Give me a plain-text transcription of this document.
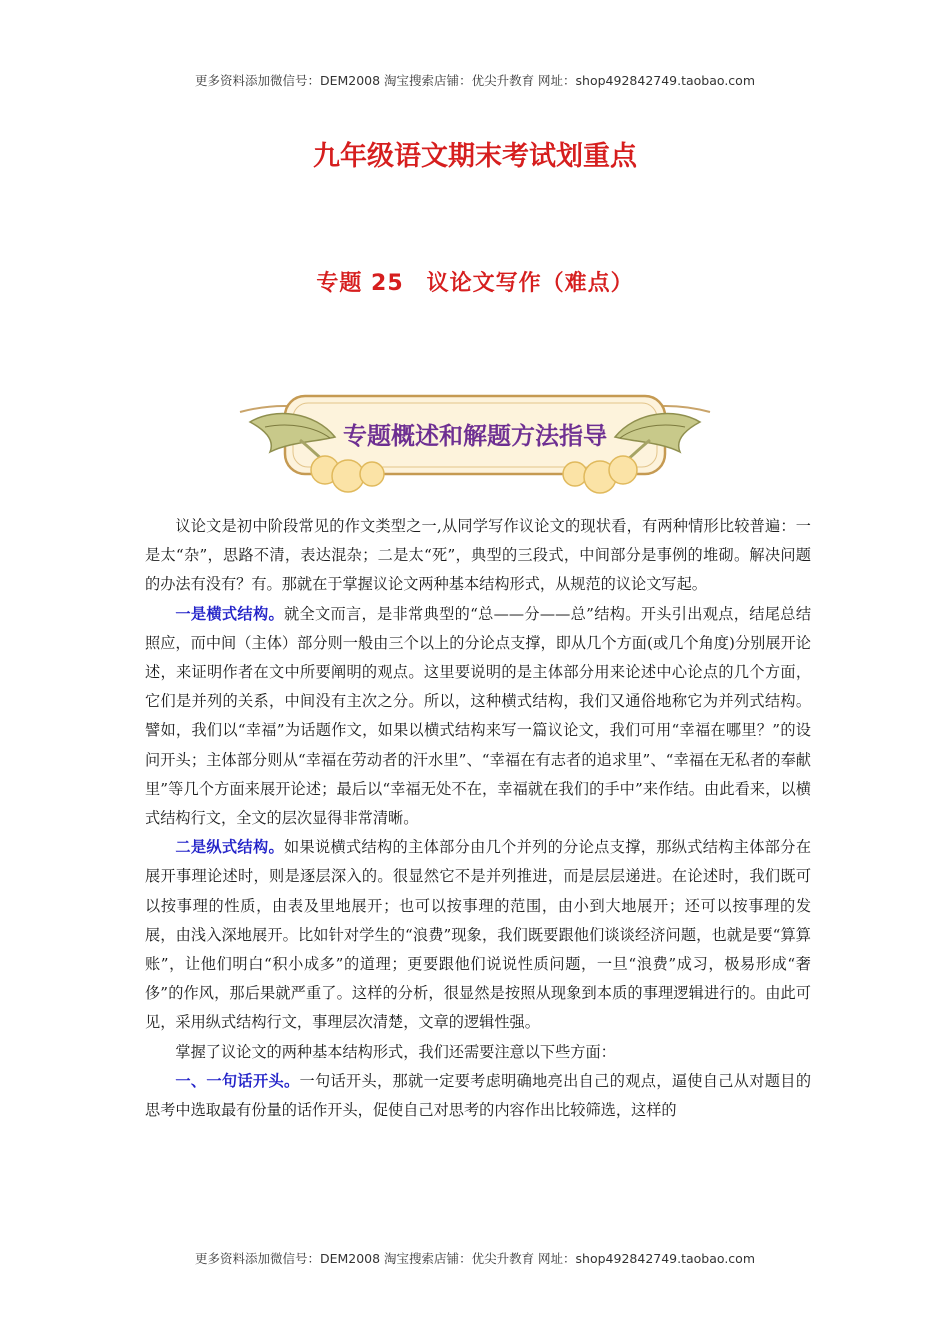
更多资料添加微信号：DEM2008 淘宝搜索店铺：优尖升教育 网址：shop492842749.taobao.com
九年级语文期末考试划重点
专题 25　议论文写作（难点）
专题概述和解题方法指导

议论文是初中阶段常见的作文类型之一,从同学写作议论文的现状看，有两种情形比较普遍：一是太“杂”，思路不清，表达混杂；二是太“死”，典型的三段式，中间部分是事例的堆砌。解决问题的办法有没有？有。那就在于掌握议论文两种基本结构形式，从规范的议论文写起。

一是横式结构。就全文而言，是非常典型的“总——分——总”结构。开头引出观点，结尾总结照应，而中间（主体）部分则一般由三个以上的分论点支撑，即从几个方面(或几个角度)分别展开论述，来证明作者在文中所要阐明的观点。这里要说明的是主体部分用来论述中心论点的几个方面，它们是并列的关系，中间没有主次之分。所以，这种横式结构，我们又通俗地称它为并列式结构。譬如，我们以“幸福”为话题作文，如果以横式结构来写一篇议论文，我们可用“幸福在哪里？”的设问开头；主体部分则从“幸福在劳动者的汗水里”、“幸福在有志者的追求里”、“幸福在无私者的奉献里”等几个方面来展开论述；最后以“幸福无处不在，幸福就在我们的手中”来作结。由此看来，以横式结构行文，全文的层次显得非常清晰。

二是纵式结构。如果说横式结构的主体部分由几个并列的分论点支撑，那纵式结构主体部分在展开事理论述时，则是逐层深入的。很显然它不是并列推进，而是层层递进。在论述时，我们既可以按事理的性质，由表及里地展开；也可以按事理的范围，由小到大地展开；还可以按事理的发展，由浅入深地展开。比如针对学生的“浪费”现象，我们既要跟他们谈谈经济问题，也就是要“算算账”，让他们明白“积小成多”的道理；更要跟他们说说性质问题，一旦“浪费”成习，极易形成“奢侈”的作风，那后果就严重了。这样的分析，很显然是按照从现象到本质的事理逻辑进行的。由此可见，采用纵式结构行文，事理层次清楚，文章的逻辑性强。

掌握了议论文的两种基本结构形式，我们还需要注意以下些方面：

一、一句话开头。一句话开头，那就一定要考虑明确地亮出自己的观点，逼使自己从对题目的思考中选取最有份量的话作开头，促使自己对思考的内容作出比较筛选，这样的

更多资料添加微信号：DEM2008 淘宝搜索店铺：优尖升教育 网址：shop492842749.taobao.com
